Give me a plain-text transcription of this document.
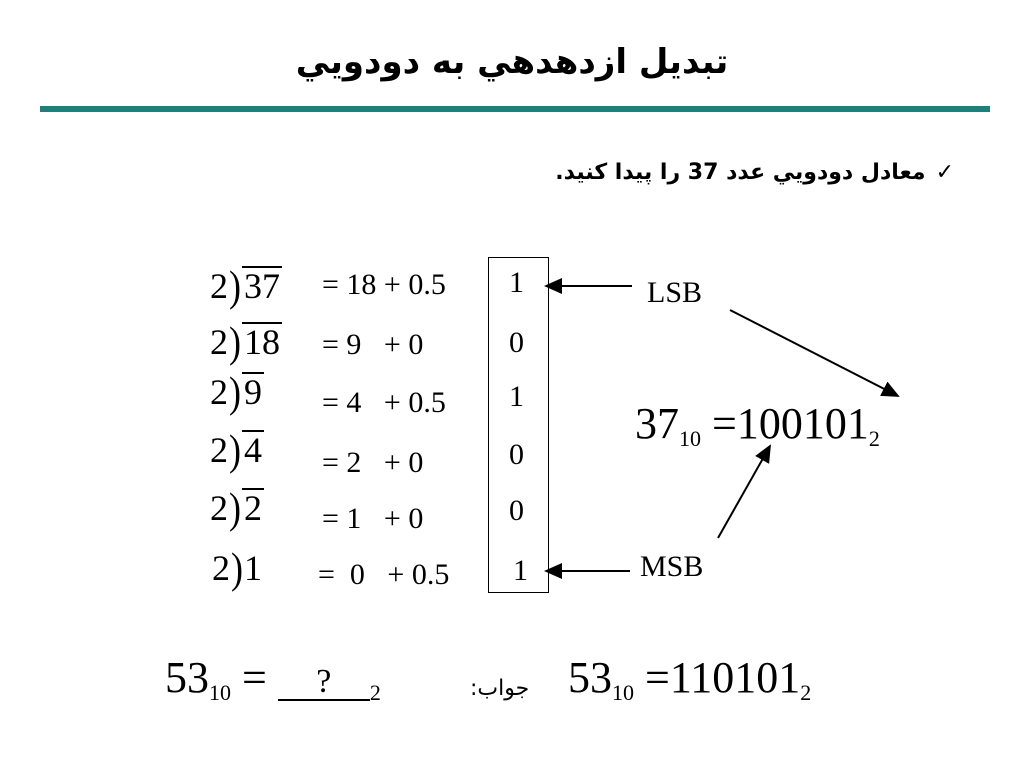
تبديل ازدهدهي به دودويي
✓معادل دودويي عدد 37 را پيدا کنيد.
2)37
2)18
2)9
2)4
2)2
2)1
= 18 + 0.5
= 9   + 0
= 4   + 0.5
= 2   + 0
= 1   + 0
=  0   + 0.5
1
0
1
0
0
1
LSB
MSB
$37_{10} =100101_2$
$53_{10}$ = ? $_2$	:جواب $53_{10} =110101_2$
